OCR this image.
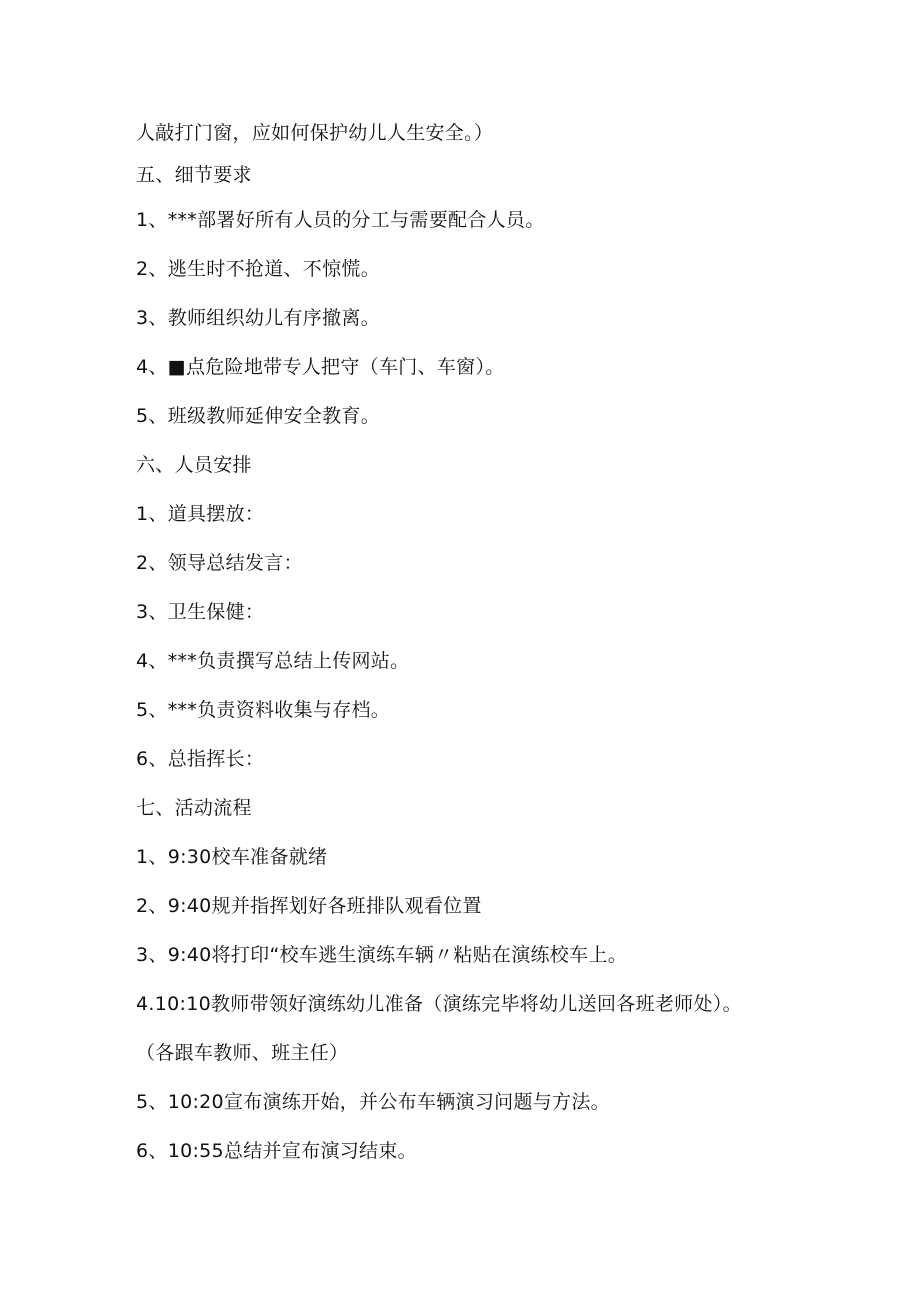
人敲打门窗，应如何保护幼儿人生安全。）
五、细节要求
1、***部署好所有人员的分工与需要配合人员。
2、逃生时不抢道、不惊慌。
3、教师组织幼儿有序撤离。
4、■点危险地带专人把守（车门、车窗）。
5、班级教师延伸安全教育。
六、人员安排
1、道具摆放：
2、领导总结发言：
3、卫生保健：
4、***负责撰写总结上传网站。
5、***负责资料收集与存档。
6、总指挥长：
七、活动流程
1、9:30校车准备就绪
2、9:40规并指挥划好各班排队观看位置
3、9:40将打印“校车逃生演练车辆〃粘贴在演练校车上。
4.10:10教师带领好演练幼儿准备（演练完毕将幼儿送回各班老师处）。
（各跟车教师、班主任）
5、10:20宣布演练开始，并公布车辆演习问题与方法。
6、10:55总结并宣布演习结束。
